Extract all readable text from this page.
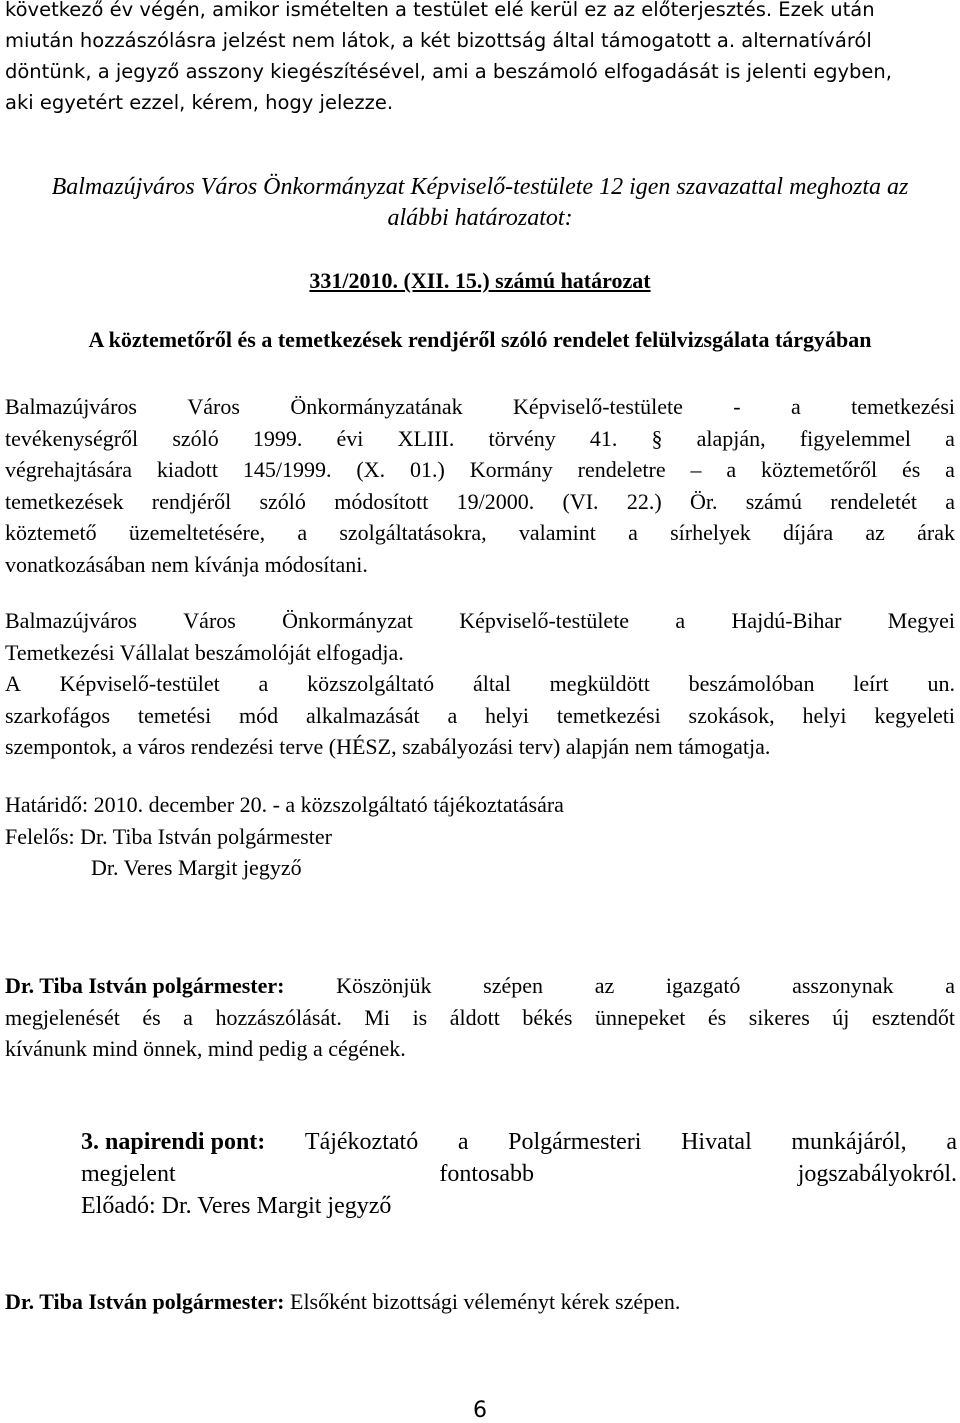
következő év végén, amikor ismételten a testület elé kerül ez az előterjesztés. Ezek után
miután hozzászólásra jelzést nem látok, a két bizottság által támogatott a. alternatíváról
döntünk, a jegyző asszony kiegészítésével, ami a beszámoló elfogadását is jelenti egyben,
aki egyetért ezzel, kérem, hogy jelezze.
Balmazújváros Város Önkormányzat Képviselő-testülete 12 igen szavazattal meghozta az
alábbi határozatot:
331/2010. (XII. 15.) számú határozat
A köztemetőről és a temetkezések rendjéről szóló rendelet felülvizsgálata tárgyában
Balmazújváros Város Önkormányzatának Képviselő-testülete - a temetkezési
tevékenységről szóló 1999. évi XLIII. törvény 41. § alapján, figyelemmel a
végrehajtására kiadott 145/1999. (X. 01.) Kormány rendeletre – a köztemetőről és a
temetkezések rendjéről szóló módosított 19/2000. (VI. 22.) Ör. számú rendeletét a
köztemető üzemeltetésére, a szolgáltatásokra, valamint a sírhelyek díjára az árak
vonatkozásában nem kívánja módosítani.
Balmazújváros Város Önkormányzat Képviselő-testülete a Hajdú-Bihar Megyei
Temetkezési Vállalat beszámolóját elfogadja.
A Képviselő-testület a közszolgáltató által megküldött beszámolóban leírt un.
szarkofágos temetési mód alkalmazását a helyi temetkezési szokások, helyi kegyeleti
szempontok, a város rendezési terve (HÉSZ, szabályozási terv) alapján nem támogatja.
Határidő: 2010. december 20. - a közszolgáltató tájékoztatására
Felelős: Dr. Tiba István polgármester
Dr. Veres Margit jegyző
Dr. Tiba István polgármester: Köszönjük szépen az igazgató asszonynak a
megjelenését és a hozzászólását. Mi is áldott békés ünnepeket és sikeres új esztendőt
kívánunk mind önnek, mind pedig a cégének.
3. napirendi pont: Tájékoztató a Polgármesteri Hivatal munkájáról, a
megjelent	fontosabb	jogszabályokról.
Előadó: Dr. Veres Margit jegyző
Dr. Tiba István polgármester: Elsőként bizottsági véleményt kérek szépen.
6
